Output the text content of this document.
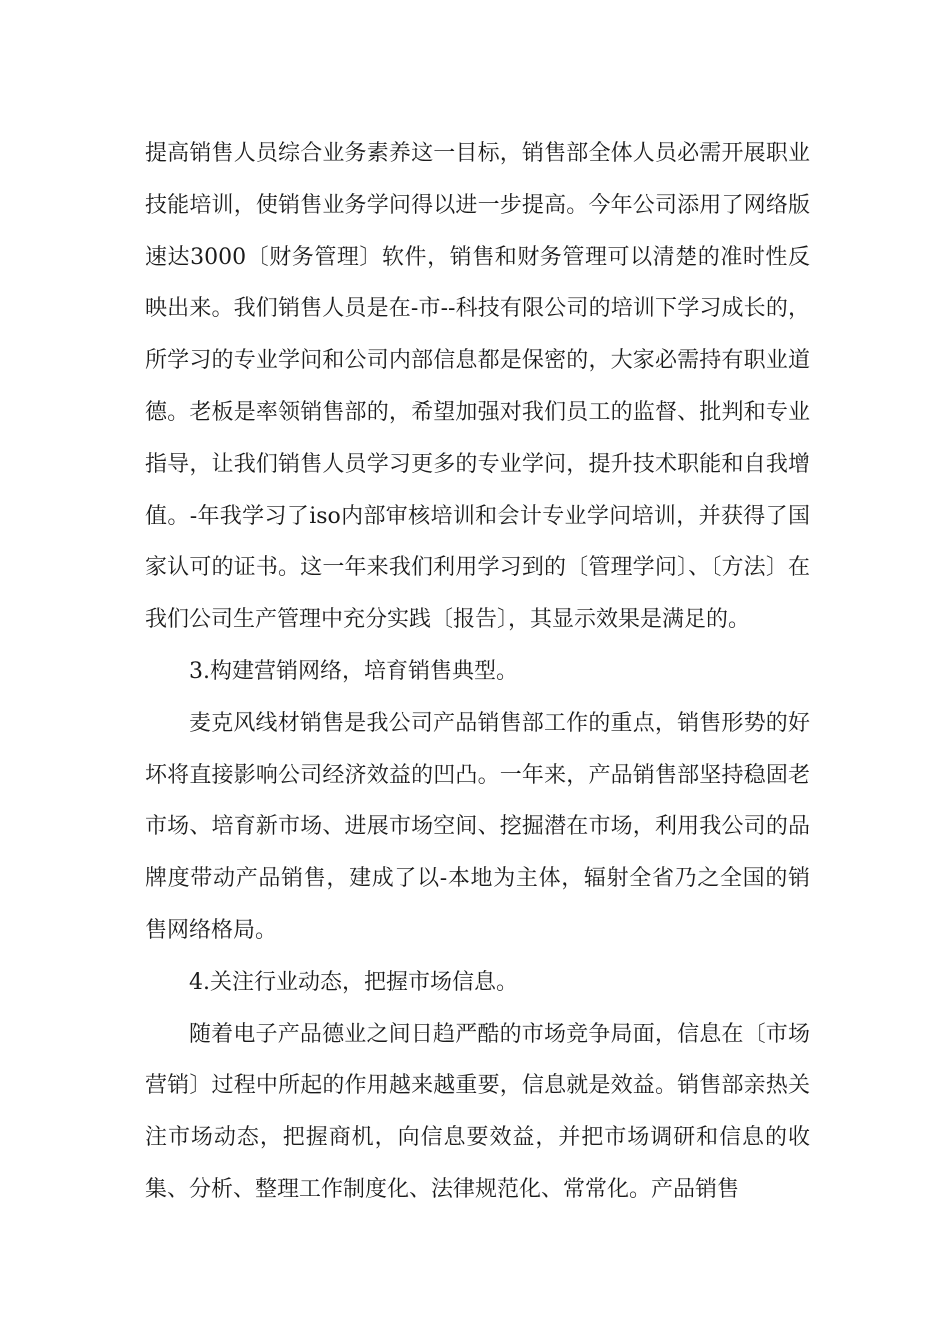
提高销售人员综合业务素养这一目标，销售部全体人员必需开展职业技能培训，使销售业务学问得以进一步提高。今年公司添用了网络版速达3000〔财务管理〕软件，销售和财务管理可以清楚的准时性反映出来。我们销售人员是在-市--科技有限公司的培训下学习成长的，所学习的专业学问和公司内部信息都是保密的，大家必需持有职业道德。老板是率领销售部的，希望加强对我们员工的监督、批判和专业指导，让我们销售人员学习更多的专业学问，提升技术职能和自我增值。-年我学习了iso内部审核培训和会计专业学问培训，并获得了国家认可的证书。这一年来我们利用学习到的〔管理学问〕、〔方法〕在我们公司生产管理中充分实践〔报告〕，其显示效果是满足的。

3.构建营销网络，培育销售典型。

麦克风线材销售是我公司产品销售部工作的重点，销售形势的好坏将直接影响公司经济效益的凹凸。一年来，产品销售部坚持稳固老市场、培育新市场、进展市场空间、挖掘潜在市场，利用我公司的品牌度带动产品销售，建成了以-本地为主体，辐射全省乃之全国的销售网络格局。

4.关注行业动态，把握市场信息。

随着电子产品德业之间日趋严酷的市场竞争局面，信息在〔市场营销〕过程中所起的作用越来越重要，信息就是效益。销售部亲热关注市场动态，把握商机，向信息要效益，并把市场调研和信息的收集、分析、整理工作制度化、法律规范化、常常化。产品销售
